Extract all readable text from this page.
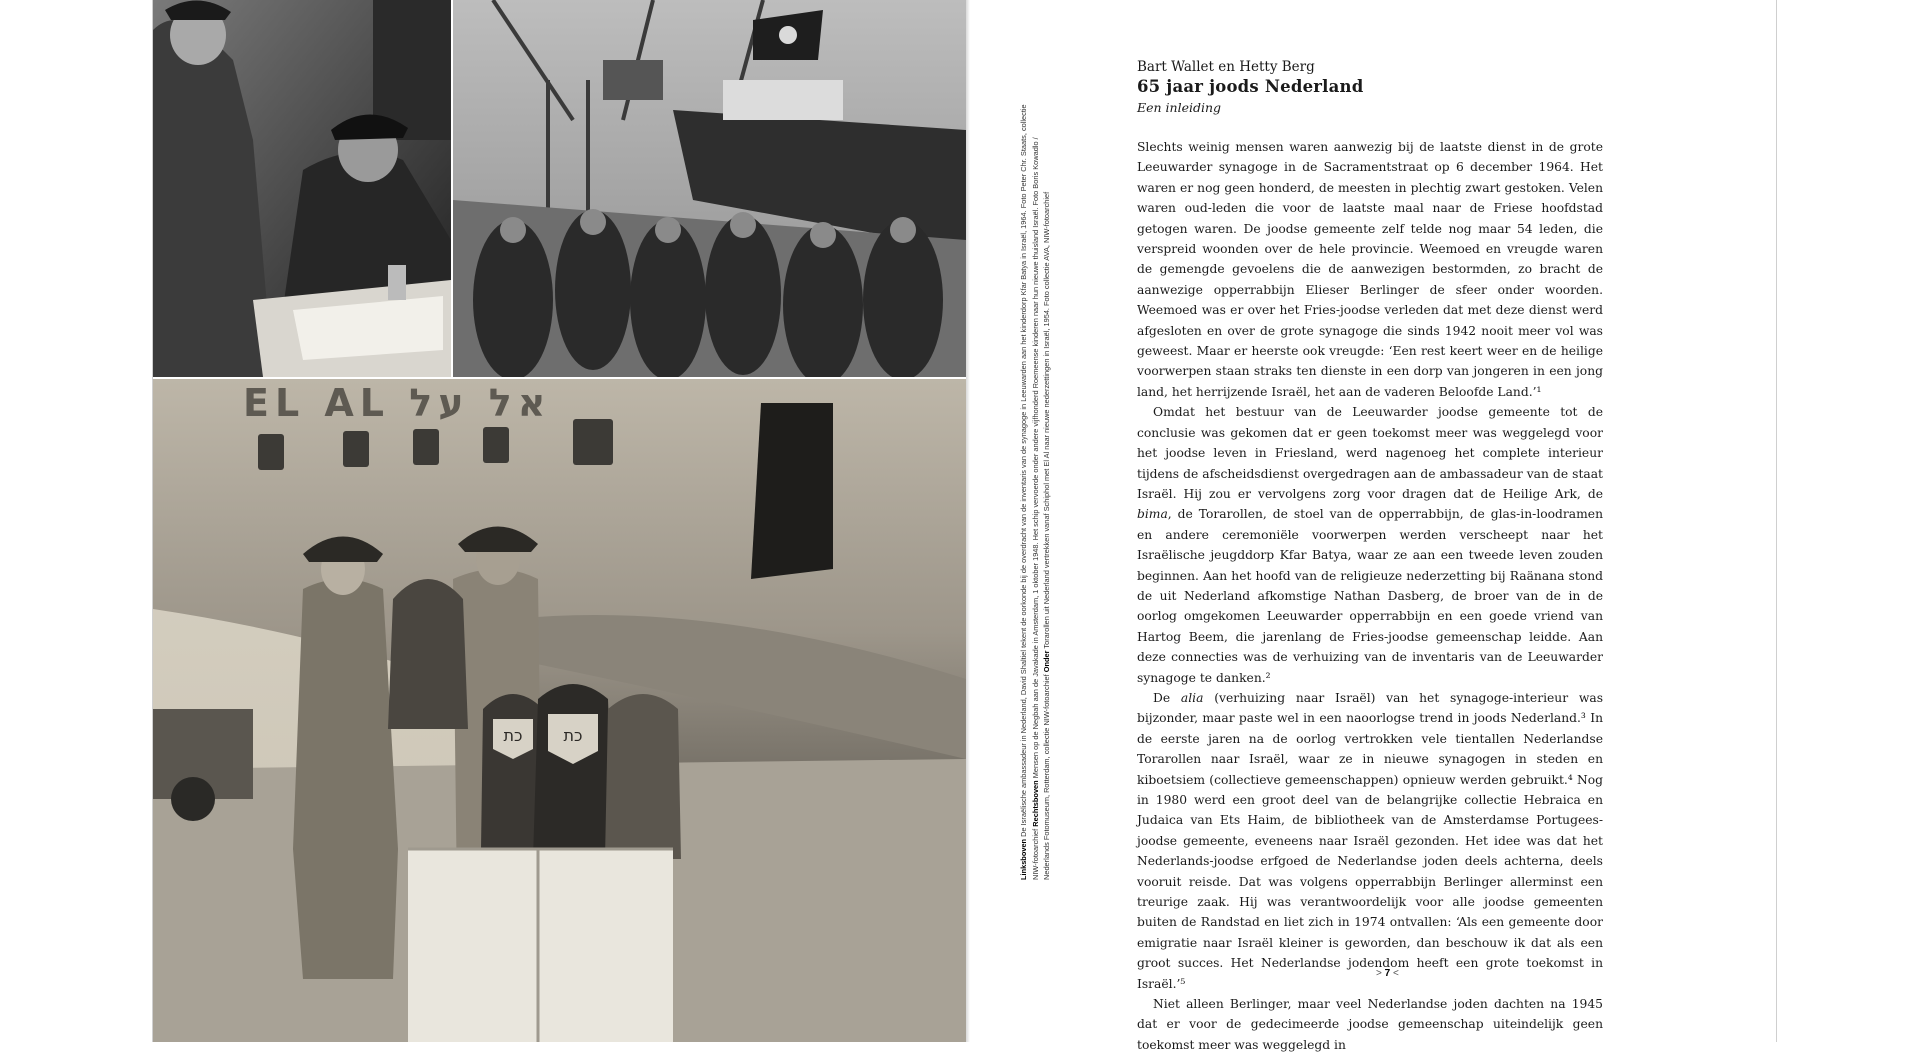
כת	כת
EL AL אל על
Linksboven De Israëlische ambassadeur in Nederland, David Shaltiel tekent de oorkonde bij de overdracht van de inventaris van de synagoge in Leeuwarden aan het kinderdorp Kfar Batya in Israël, 1964. Foto Peter Chr. Staats, collectie NIW-fotoarchief Rechtsboven Mensen op de Negbah aan de Javakade in Amsterdam, 1 oktober 1948. Het schip vervoerde onder andere vijfhonderd Roemeense kinderen naar hun nieuwe thuisland Israël. Foto Boris Kowadlo / Nederlands Fotomuseum, Rotterdam, collectie NIW-fotoarchief Onder Torarollen uit Nederland vertrekken vanaf Schiphol met El Al naar nieuwe nederzettingen in Israël, 1954. Foto collectie AVA, NIW-fotoarchief

Bart Wallet en Hetty Berg

65 jaar joods Nederland

Een inleiding

Slechts weinig mensen waren aanwezig bij de laatste dienst in de grote Leeuwarder synagoge in de Sacramentstraat op 6 december 1964. Het waren er nog geen honderd, de meesten in plechtig zwart gestoken. Velen waren oud-leden die voor de laatste maal naar de Friese hoofdstad getogen waren. De joodse gemeente zelf telde nog maar 54 leden, die verspreid woonden over de hele provincie. Weemoed en vreugde waren de gemengde gevoelens die de aanwezigen bestormden, zo bracht de aanwezige opperrabbijn Elieser Berlinger de sfeer onder woorden. Weemoed was er over het Fries-joodse verleden dat met deze dienst werd afgesloten en over de grote synagoge die sinds 1942 nooit meer vol was geweest. Maar er heerste ook vreugde: ‘Een rest keert weer en de heilige voorwerpen staan straks ten dienste in een dorp van jongeren in een jong land, het herrijzende Israël, het aan de vaderen Beloofde Land.’¹

Omdat het bestuur van de Leeuwarder joodse gemeente tot de conclusie was gekomen dat er geen toekomst meer was weggelegd voor het joodse leven in Friesland, werd nagenoeg het complete interieur tijdens de afscheidsdienst overgedragen aan de ambassadeur van de staat Israël. Hij zou er vervolgens zorg voor dragen dat de Heilige Ark, de bima, de Torarollen, de stoel van de opperrabbijn, de glas-in-loodramen en andere ceremoniële voorwerpen werden verscheept naar het Israëlische jeugddorp Kfar Batya, waar ze aan een tweede leven zouden beginnen. Aan het hoofd van de religieuze nederzetting bij Raänana stond de uit Nederland afkomstige Nathan Dasberg, de broer van de in de oorlog omgekomen Leeuwarder opperrabbijn en een goede vriend van Hartog Beem, die jarenlang de Fries-joodse gemeenschap leidde. Aan deze connecties was de verhuizing van de inventaris van de Leeuwarder synagoge te danken.²

De alia (verhuizing naar Israël) van het synagoge-interieur was bijzonder, maar paste wel in een naoorlogse trend in joods Nederland.³ In de eerste jaren na de oorlog vertrokken vele tientallen Nederlandse Torarollen naar Israël, waar ze in nieuwe synagogen in steden en kiboetsiem (collectieve gemeenschappen) opnieuw werden gebruikt.⁴ Nog in 1980 werd een groot deel van de belangrijke collectie Hebraica en Judaica van Ets Haim, de bibliotheek van de Amsterdamse Portugees-joodse gemeente, eveneens naar Israël gezonden. Het idee was dat het Nederlands-joodse erfgoed de Nederlandse joden deels achterna, deels vooruit reisde. Dat was volgens opperrabbijn Berlinger allerminst een treurige zaak. Hij was verantwoordelijk voor alle joodse gemeenten buiten de Randstad en liet zich in 1974 ontvallen: ‘Als een gemeente door emigratie naar Israël kleiner is geworden, dan beschouw ik dat als een groot succes. Het Nederlandse jodendom heeft een grote toekomst in Israël.’⁵

Niet alleen Berlinger, maar veel Nederlandse joden dachten na 1945 dat er voor de gedecimeerde joodse gemeenschap uiteindelijk geen toekomst meer was weggelegd in

> 7 <
